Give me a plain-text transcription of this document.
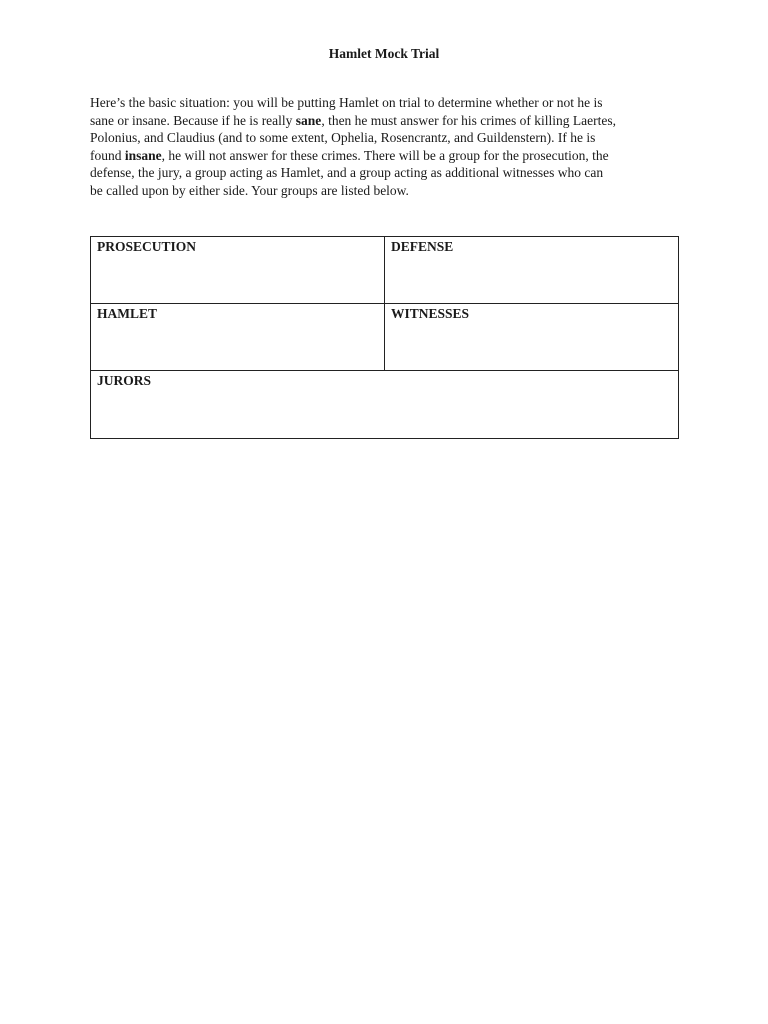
Hamlet Mock Trial

Here’s the basic situation: you will be putting Hamlet on trial to determine whether or not he is
sane or insane. Because if he is really sane, then he must answer for his crimes of killing Laertes,
Polonius, and Claudius (and to some extent, Ophelia, Rosencrantz, and Guildenstern). If he is
found insane, he will not answer for these crimes. There will be a group for the prosecution, the
defense, the jury, a group acting as Hamlet, and a group acting as additional witnesses who can
be called upon by either side. Your groups are listed below.

PROSECUTION	DEFENSE

HAMLET	WITNESSES

JURORS	
